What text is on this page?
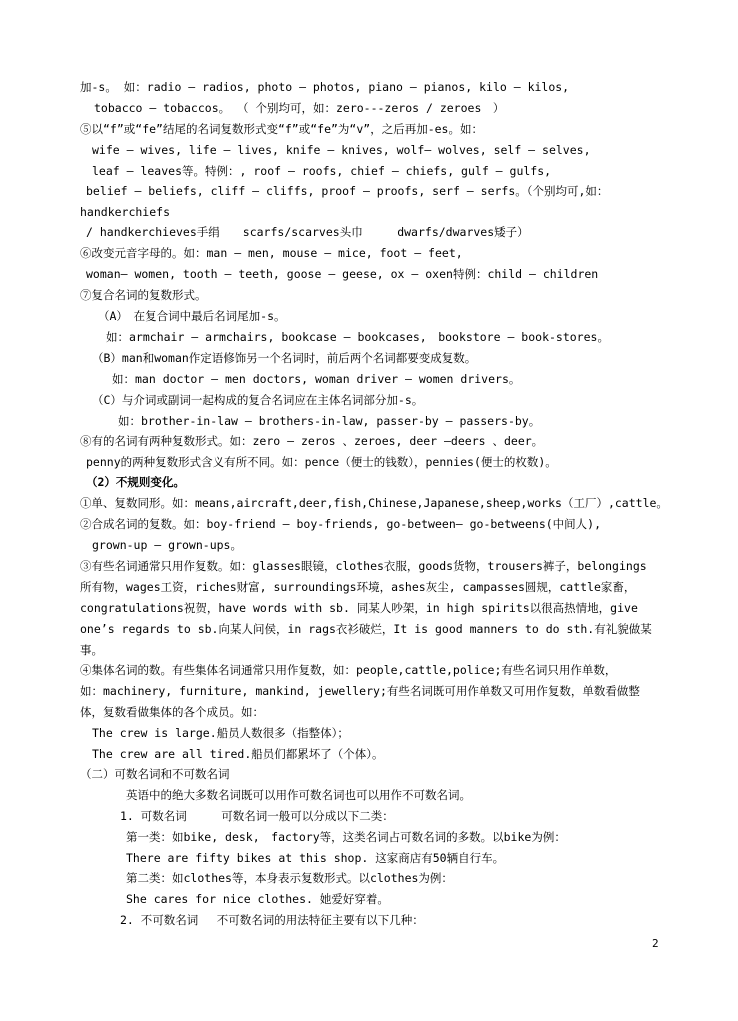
加-s。 如：radio — radios, photo — photos, piano — pianos, kilo — kilos,
tobacco — tobaccos。 （ 个别均可，如：zero---zeros / zeroes　）
⑤以“f”或“fe”结尾的名词复数形式变“f”或“fe”为“v”，之后再加-es。如：
wife — wives, life — lives, knife — knives, wolf— wolves, self — selves,
leaf — leaves等。特例：, roof — roofs, chief — chiefs, gulf — gulfs,
belief — beliefs, cliff — cliffs, proof — proofs, serf — serfs。（个别均可,如：
handkerchiefs
/ handkerchieves手绢　　scarfs/scarves头巾　　　dwarfs/dwarves矮子）
⑥改变元音字母的。如：man — men, mouse — mice, foot — feet,
woman— women, tooth — teeth, goose — geese, ox — oxen特例：child — children
⑦复合名词的复数形式。
（A）　在复合词中最后名词尾加-s。
如：armchair — armchairs, bookcase — bookcases,　bookstore — book-stores。
（B）man和woman作定语修饰另一个名词时，前后两个名词都要变成复数。
如：man doctor — men doctors, woman driver — women drivers。
（C）与介词或副词一起构成的复合名词应在主体名词部分加-s。
如：brother-in-law — brothers-in-law, passer-by — passers-by。
⑧有的名词有两种复数形式。如：zero — zeros 、zeroes, deer —deers 、deer。
penny的两种复数形式含义有所不同。如：pence（便士的钱数），pennies(便士的枚数)。
（2）不规则变化。
①单、复数同形。如：means,aircraft,deer,fish,Chinese,Japanese,sheep,works（工厂）,cattle。
②合成名词的复数。如：boy-friend — boy-friends, go-between— go-betweens(中间人),
grown-up — grown-ups。
③有些名词通常只用作复数。如：glasses眼镜，clothes衣服，goods货物，trousers裤子，belongings
所有物，wages工资，riches财富, surroundings环境，ashes灰尘, campasses圆规，cattle家畜，
congratulations祝贺，have words with sb. 同某人吵架，in high spirits以很高热情地，give
one’s regards to sb.向某人问侯，in rags衣衫破烂，It is good manners to do sth.有礼貌做某
事。
④集体名词的数。有些集体名词通常只用作复数，如：people,cattle,police;有些名词只用作单数，
如：machinery, furniture, mankind, jewellery;有些名词既可用作单数又可用作复数，单数看做整
体，复数看做集体的各个成员。如：
The crew is large.船员人数很多（指整体）；
The crew are all tired.船员们都累坏了（个体）。
（二）可数名词和不可数名词
英语中的绝大多数名词既可以用作可数名词也可以用作不可数名词。
1. 可数名词　　　可数名词一般可以分成以下二类：
第一类：如bike, desk,　factory等，这类名词占可数名词的多数。以bike为例：
There are fifty bikes at this shop. 这家商店有50辆自行车。
第二类：如clothes等，本身表示复数形式。以clothes为例：
She cares for nice clothes. 她爱好穿着。
2. 不可数名词　 不可数名词的用法特征主要有以下几种：
2
